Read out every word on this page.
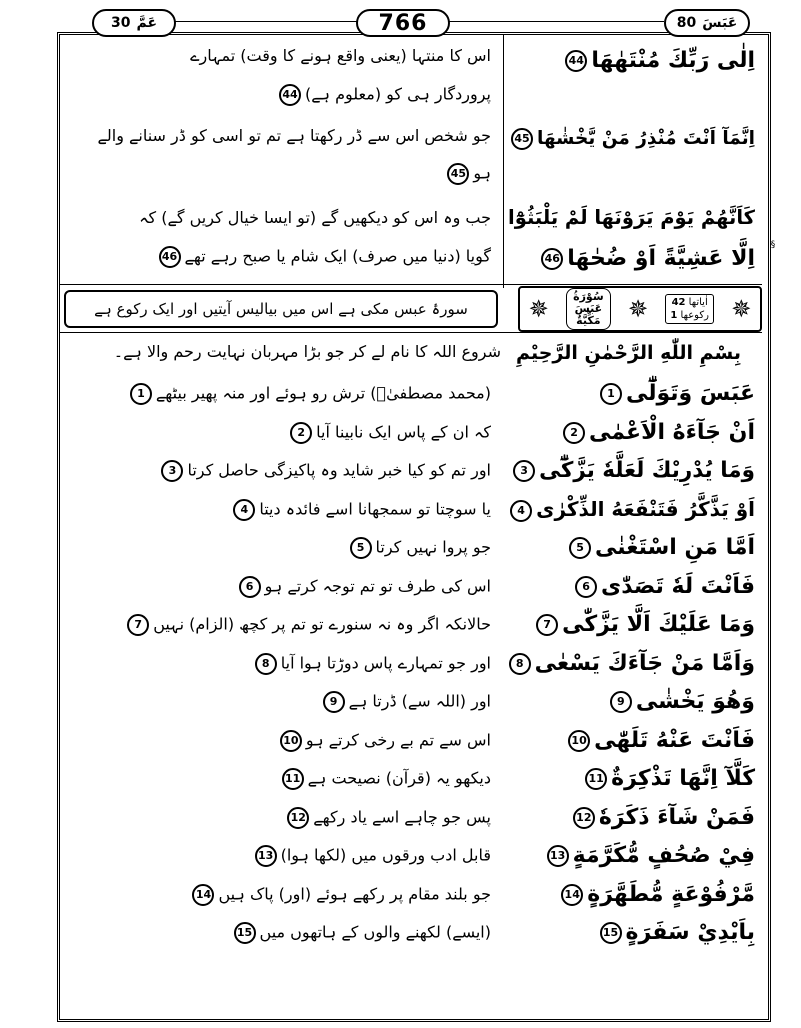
عَمَّ
30	766	عَبَسَ
80
اِلٰى رَبِّكَ مُنْتَهٰهَا44
اس کا منتہا (یعنی واقع ہونے کا وقت) تمہارے
پروردگار ہی کو (معلوم ہے)44
اِنَّمَآ اَنْتَ مُنْذِرُ مَنْ يَّخْشٰهَا45
جو شخص اس سے ڈر رکھتا ہے تم تو اسی کو ڈر سنانے والے
ہو45
كَاَنَّهُمْ يَوْمَ يَرَوْنَهَا لَمْ يَلْبَثُوْٓا
اِلَّا عَشِيَّةً اَوْ ضُحٰهَا46
جب وہ اس کو دیکھیں گے (تو ایسا خیال کریں گے) کہ
گویا (دنیا میں صرف) ایک شام یا صبح رہے تھے46
سورۂ عبس مکی ہے اس میں بیالیس آیتیں اور ایک رکوع ہے	✵
اٰیاتھا 42
رکوعھا 1
✵
سُوْرَةُ
عَبَسَ
مَكِّيَّةٌ
✵
بِسْمِ اللّٰهِ الرَّحْمٰنِ الرَّحِيْمِ
شروع اللہ کا نام لے کر جو بڑا مہربان نہایت رحم والا ہے۔
عَبَسَ وَتَوَلّٰٓى1
(محمد مصطفیٰؐ) ترش رو ہوئے اور منہ پھیر بیٹھے1
اَنْ جَآءَهُ الْاَعْمٰى2
کہ ان کے پاس ایک نابینا آیا2
وَمَا يُدْرِيْكَ لَعَلَّهٗ يَزَّكّٰٓى3
اور تم کو کیا خبر شاید وہ پاکیزگی حاصل کرتا3
اَوْ يَذَّكَّرُ فَتَنْفَعَهُ الذِّكْرٰى4
یا سوچتا تو سمجھانا اسے فائدہ دیتا4
اَمَّا مَنِ اسْتَغْنٰى5
جو پروا نہیں کرتا5
فَاَنْتَ لَهٗ تَصَدّٰى6
اس کی طرف تو تم توجہ کرتے ہو6
وَمَا عَلَيْكَ اَلَّا يَزَّكّٰى7
حالانکہ اگر وہ نہ سنورے تو تم پر کچھ (الزام) نہیں7
وَاَمَّا مَنْ جَآءَكَ يَسْعٰى8
اور جو تمہارے پاس دوڑتا ہوا آیا8
وَهُوَ يَخْشٰى9
اور (اللہ سے) ڈرتا ہے9
فَاَنْتَ عَنْهُ تَلَهّٰى10
اس سے تم بے رخی کرتے ہو10
كَلَّآ اِنَّهَا تَذْكِرَةٌ11
دیکھو یہ (قرآن) نصیحت ہے11
فَمَنْ شَآءَ ذَكَرَهٗ12
پس جو چاہے اسے یاد رکھے12
فِيْ صُحُفٍ مُّكَرَّمَةٍ13
قابل ادب ورقوں میں (لکھا ہوا)13
مَّرْفُوْعَةٍ مُّطَهَّرَةٍ14
جو بلند مقام پر رکھے ہوئے (اور) پاک ہیں14
بِاَيْدِيْ سَفَرَةٍ15
(ایسے) لکھنے والوں کے ہاتھوں میں15
§
